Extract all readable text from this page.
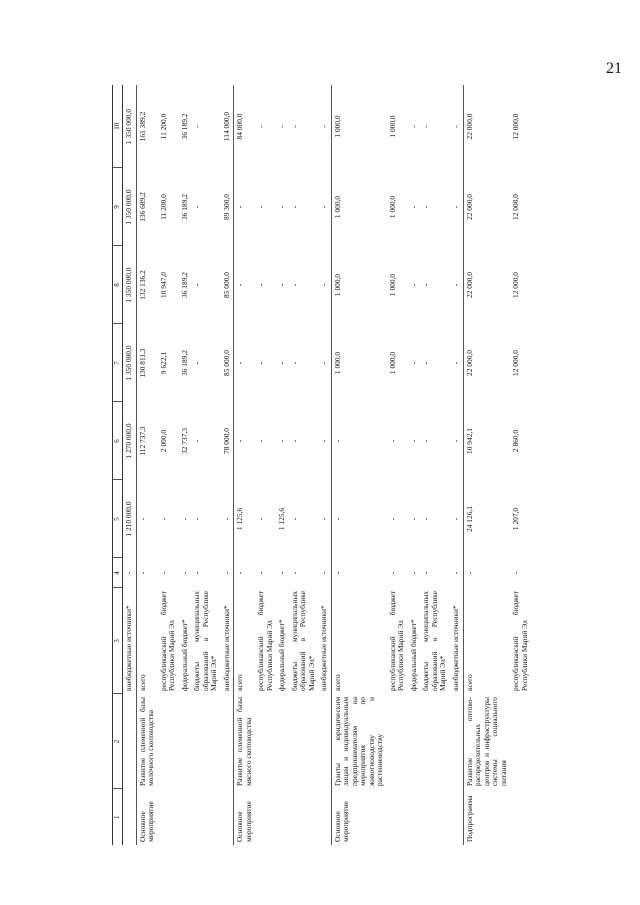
21
1	2	3	4	5	6	7	8	9	10
		внебюджетные источники*	-	1 210 000,0	1 270 000,0	1 350 000,0	1 350 000,0	1 350 000,0	1 350 000,0
Основное мероприятие	Развитие племенной базы молочного скотоводства	всего	-	-	112 737,3	130 811,3	132 136,2	136 689,2	161 389,2
		республиканский бюджет Республики Марий Эл	-	-	2 000,0	9 622,1	10 947,0	11 200,0	11 200,0
		федеральный бюджет*	-	-	32 737,3	36 189,2	36 189,2	36 189,2	36 189,2
		бюджеты муниципальных образований в Республике Марий Эл*	-	-	-	-	-	-	-
		внебюджетные источники*	-	-	78 000,0	85 000,0	85 000,0	89 300,0	114 000,0
Основное мероприятие	Развитие племенной базы мясного скотоводства	всего	-	1 125,6	-	-	-	-	84 000,0
		республиканский бюджет Республики Марий Эл	-	-	-	-	-	-	-
		федеральный бюджет*	-	1 125,6	-	-	-	-	-
		бюджеты муниципальных образований в Республике Марий Эл*	-	-	-	-	-	-	-
		внебюджетные источники*	-	-	-	-	-	-	-
Основное мероприятие	Гранты юридическим лицам и индивидуальным предпринимателям на мероприятия по животноводству и растениеводству	всего	-	-	-	1 000,0	1 000,0	1 000,0	1 000,0
		республиканский бюджет Республики Марий Эл	-	-	-	1 000,0	1 000,0	1 000,0	1 000,0
		федеральный бюджет*	-	-	-	-	-	-	-
		бюджеты муниципальных образований в Республике Марий Эл*	-	-	-	-	-	-	-
		внебюджетные источники*	-	-	-	-	-	-	-
Подпрограмма	Развитие оптово-распределительных центров и инфраструктуры системы социального питания	всего	-	24 126,1	10 942,1	22 000,0	22 000,0	22 000,0	22 000,0
		республиканский бюджет Республики Марий Эл	-	1 207,0	2 860,0	12 000,0	12 000,0	12 000,0	12 000,0
